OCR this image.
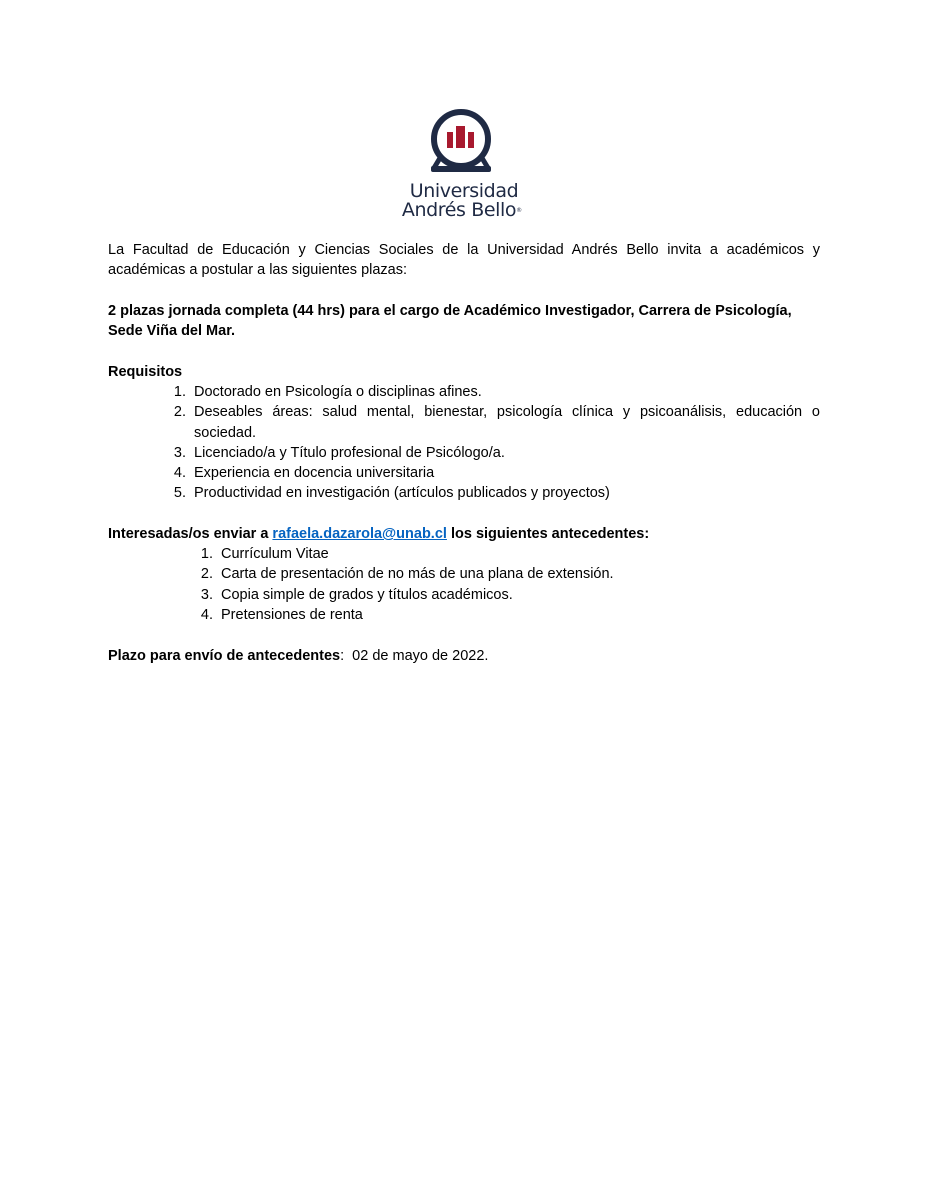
Universidad
Andrés Bello®
La Facultad de Educación y Ciencias Sociales de la Universidad Andrés Bello invita a académicos y académicas a postular a las siguientes plazas:
2 plazas jornada completa (44 hrs) para el cargo de Académico Investigador, Carrera de Psicología, Sede Viña del Mar.
Requisitos
1. Doctorado en Psicología o disciplinas afines.
2. Deseables áreas: salud mental, bienestar, psicología clínica y psicoanálisis, educación o sociedad.
3. Licenciado/a y Título profesional de Psicólogo/a.
4. Experiencia en docencia universitaria
5. Productividad en investigación (artículos publicados y proyectos)
Interesadas/os enviar a rafaela.dazarola@unab.cl los siguientes antecedentes:
1. Currículum Vitae
2. Carta de presentación de no más de una plana de extensión.
3. Copia simple de grados y títulos académicos.
4. Pretensiones de renta
Plazo para envío de antecedentes:  02 de mayo de 2022.
